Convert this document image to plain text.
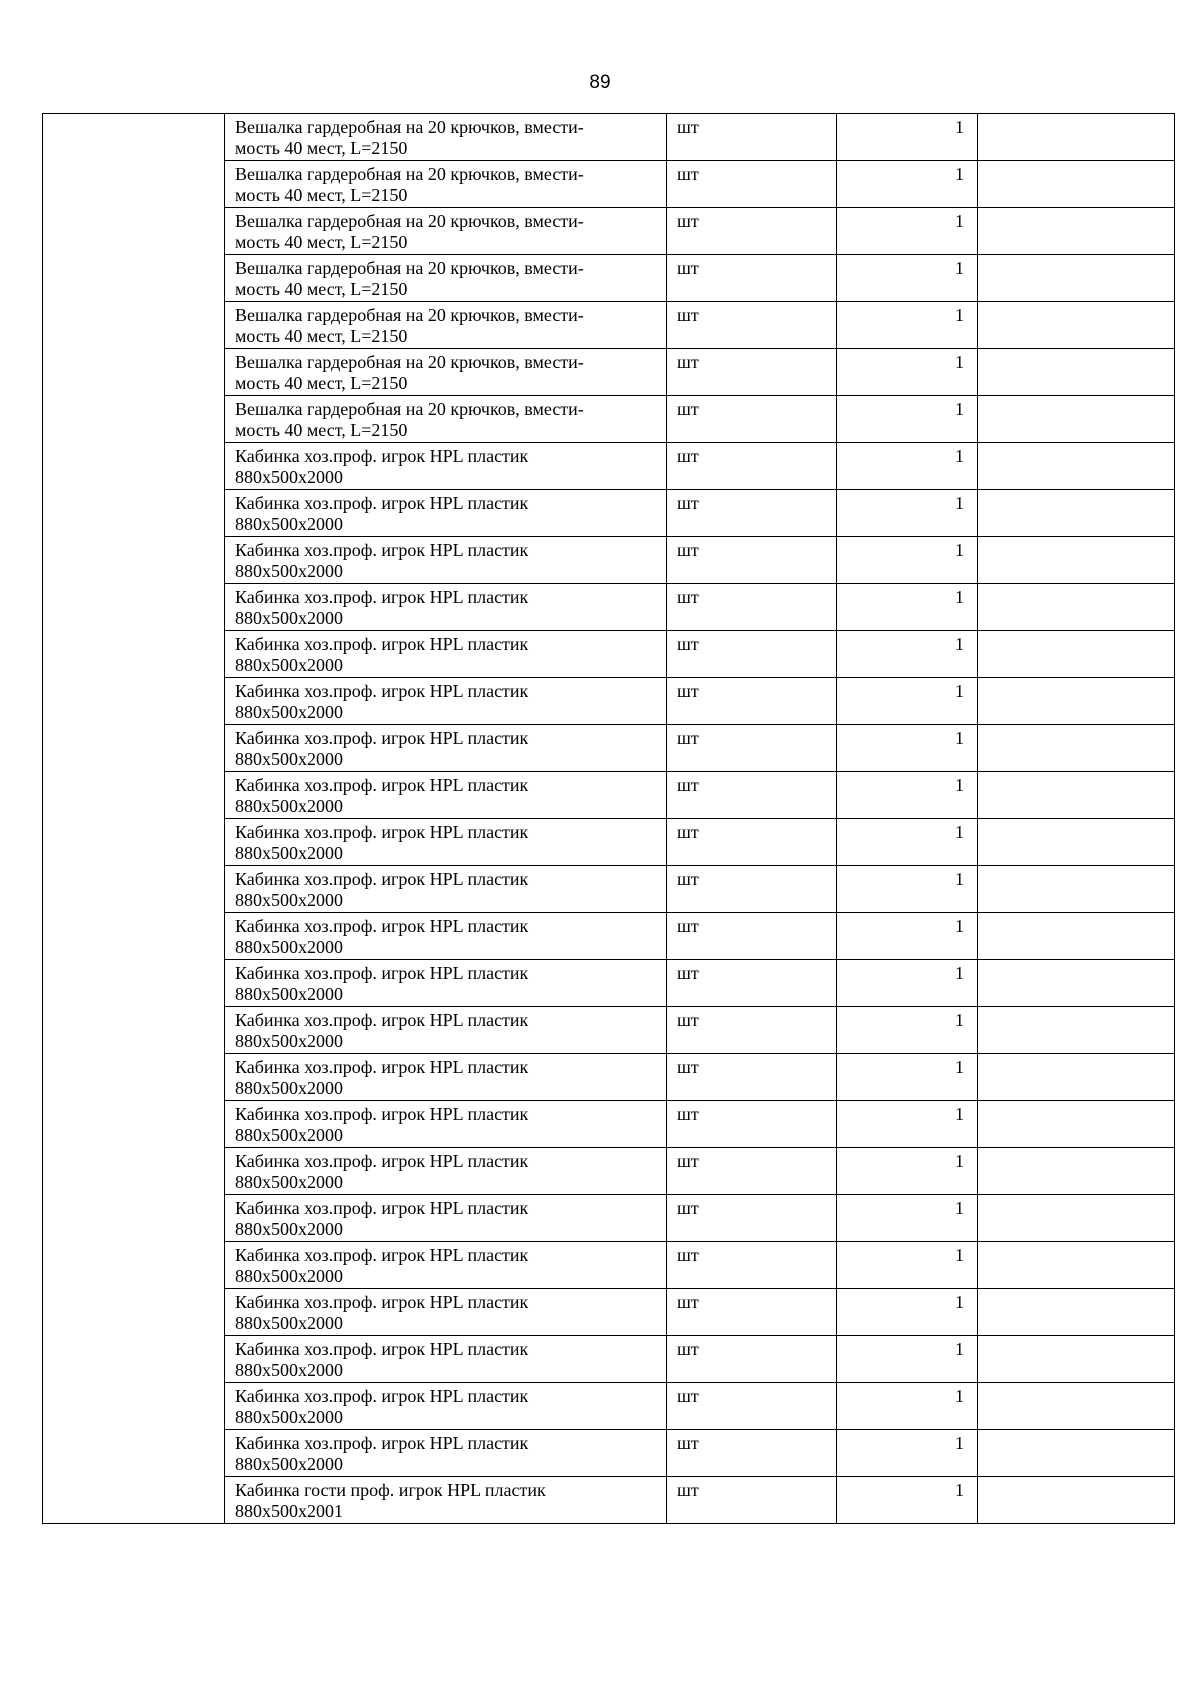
89

	Вешалка гардеробная на 20 крючков, вмести-
мость 40 мест, L=2150	шт	1	

	Вешалка гардеробная на 20 крючков, вмести-
мость 40 мест, L=2150	шт	1	

	Вешалка гардеробная на 20 крючков, вмести-
мость 40 мест, L=2150	шт	1	

	Вешалка гардеробная на 20 крючков, вмести-
мость 40 мест, L=2150	шт	1	

	Вешалка гардеробная на 20 крючков, вмести-
мость 40 мест, L=2150	шт	1	

	Вешалка гардеробная на 20 крючков, вмести-
мость 40 мест, L=2150	шт	1	

	Вешалка гардеробная на 20 крючков, вмести-
мость 40 мест, L=2150	шт	1	

	Кабинка хоз.проф. игрок HPL пластик
880х500х2000	шт	1	

	Кабинка хоз.проф. игрок HPL пластик
880х500х2000	шт	1	

	Кабинка хоз.проф. игрок HPL пластик
880х500х2000	шт	1	

	Кабинка хоз.проф. игрок HPL пластик
880х500х2000	шт	1	

	Кабинка хоз.проф. игрок HPL пластик
880х500х2000	шт	1	

	Кабинка хоз.проф. игрок HPL пластик
880х500х2000	шт	1	

	Кабинка хоз.проф. игрок HPL пластик
880х500х2000	шт	1	

	Кабинка хоз.проф. игрок HPL пластик
880х500х2000	шт	1	

	Кабинка хоз.проф. игрок HPL пластик
880х500х2000	шт	1	

	Кабинка хоз.проф. игрок HPL пластик
880х500х2000	шт	1	

	Кабинка хоз.проф. игрок HPL пластик
880х500х2000	шт	1	

	Кабинка хоз.проф. игрок HPL пластик
880х500х2000	шт	1	

	Кабинка хоз.проф. игрок HPL пластик
880х500х2000	шт	1	

	Кабинка хоз.проф. игрок HPL пластик
880х500х2000	шт	1	

	Кабинка хоз.проф. игрок HPL пластик
880х500х2000	шт	1	

	Кабинка хоз.проф. игрок HPL пластик
880х500х2000	шт	1	

	Кабинка хоз.проф. игрок HPL пластик
880х500х2000	шт	1	

	Кабинка хоз.проф. игрок HPL пластик
880х500х2000	шт	1	

	Кабинка хоз.проф. игрок HPL пластик
880х500х2000	шт	1	

	Кабинка хоз.проф. игрок HPL пластик
880х500х2000	шт	1	

	Кабинка хоз.проф. игрок HPL пластик
880х500х2000	шт	1	

	Кабинка хоз.проф. игрок HPL пластик
880х500х2000	шт	1	

	Кабинка гости проф. игрок HPL пластик
880х500х2001	шт	1	
